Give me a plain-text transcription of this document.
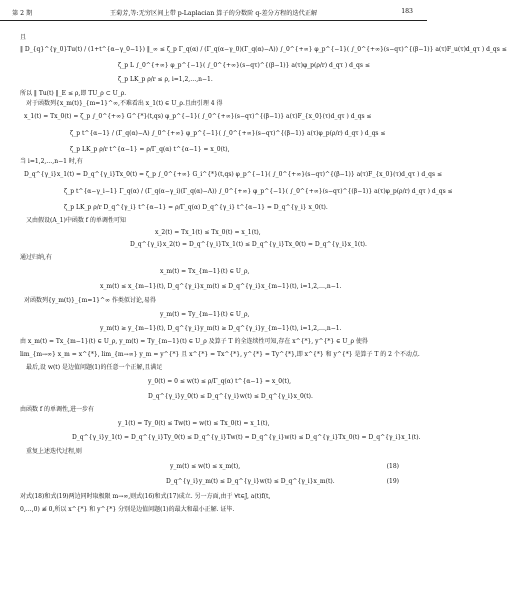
第 2 期	王菊芳,等:无穷区间上带 p-Laplacian 算子的分数阶 q-差分方程的迭代正解	183
且
‖ D_{q}^{γ_0}Tu(t) / (1+t^{α−γ_0−1}) ‖_∞ ≤ ζ_p Γ_q(α) / (Γ_q(α−γ_0)(Γ_q(α)−Λ)) ∫_0^{+∞} φ_p^{−1}( ∫_0^{+∞}(s−qτ)^{(β−1)} a(τ)F_u(τ)d_qτ ) d_qs ≤
ζ_p L ∫_0^{+∞} φ_p^{−1}( ∫_0^{+∞}(s−qτ)^{(β−1)} a(τ)φ_p(ρ/r) d_qτ ) d_qs ≤
ζ_p LK_p ρ/r ≤ ρ, i=1,2,…,n−1.
所以 ‖ Tu(t) ‖_E ≤ ρ,即 TU_ρ ⊂ U_ρ.
对于函数列{x_m(t)}_{m=1}^∞,不难看出 x_1(t) ∈ U_ρ.且由引理 4 得
x_1(t) = Tx_0(t) = ζ_p ∫_0^{+∞} G^{*}(t,qs) φ_p^{−1}( ∫_0^{+∞}(s−qτ)^{(β−1)} a(τ)F_{x_0}(τ)d_qτ ) d_qs ≤
ζ_p t^{α−1} / (Γ_q(α)−Λ) ∫_0^{+∞} φ_p^{−1}( ∫_0^{+∞}(s−qτ)^{(β−1)} a(τ)φ_p(ρ/r) d_qτ ) d_qs ≤
ζ_p LK_p ρ/r t^{α−1} = ρ/Γ_q(α) t^{α−1} = x_0(t),
当 i=1,2,…,n−1 时,有
D_q^{γ_i}x_1(t) = D_q^{γ_i}Tx_0(t) = ζ_p ∫_0^{+∞} G_i^{*}(t,qs) φ_p^{−1}( ∫_0^{+∞}(s−qτ)^{(β−1)} a(τ)F_{x_0}(τ)d_qτ ) d_qs ≤
ζ_p t^{α−γ_i−1} Γ_q(α) / (Γ_q(α−γ_i)(Γ_q(α)−Λ)) ∫_0^{+∞} φ_p^{−1}( ∫_0^{+∞}(s−qτ)^{(β−1)} a(τ)φ_p(ρ/r) d_qτ ) d_qs ≤
ζ_p LK_p ρ/r D_q^{γ_i} t^{α−1} = ρ/Γ_q(α) D_q^{γ_i} t^{α−1} = D_q^{γ_i} x_0(t).
又由假设(A_1)中函数 f 的单调性可知
x_2(t) = Tx_1(t) ≤ Tx_0(t) = x_1(t),
D_q^{γ_i}x_2(t) = D_q^{γ_i}Tx_1(t) ≤ D_q^{γ_i}Tx_0(t) = D_q^{γ_i}x_1(t).
通过归纳,有
x_m(t) = Tx_{m−1}(t) ∈ U_ρ,
x_m(t) ≤ x_{m−1}(t), D_q^{γ_i}x_m(t) ≤ D_q^{γ_i}x_{m−1}(t), i=1,2,…,n−1.
对函数列{y_m(t)}_{m=1}^∞ 作类似讨论,易得
y_m(t) = Ty_{m−1}(t) ∈ U_ρ,
y_m(t) ≥ y_{m−1}(t), D_q^{γ_i}y_m(t) ≥ D_q^{γ_i}y_{m−1}(t), i=1,2,…,n−1.
由 x_m(t) = Tx_{m−1}(t) ∈ U_ρ, y_m(t) = Ty_{m−1}(t) ∈ U_ρ 及算子 T 的全连续性可知,存在 x^{*}, y^{*} ∈ U_ρ 使得
lim_{m→∞} x_m = x^{*}, lim_{m→∞} y_m = y^{*} 且 x^{*} = Tx^{*}, y^{*} = Ty^{*},即 x^{*} 和 y^{*} 是算子 T 的 2 个不动点.
最后,设 w(t) 是边值问题(1)的任意一个正解,且满足
y_0(t) = 0 ≤ w(t) ≤ ρ/Γ_q(α) t^{α−1} = x_0(t),
D_q^{γ_i}y_0(t) ≤ D_q^{γ_i}w(t) ≤ D_q^{γ_i}x_0(t).
由函数 f 的单调性,进一步有
y_1(t) = Ty_0(t) ≤ Tw(t) = w(t) ≤ Tx_0(t) = x_1(t),
D_q^{γ_i}y_1(t) = D_q^{γ_i}Ty_0(t) ≤ D_q^{γ_i}Tw(t) = D_q^{γ_i}w(t) ≤ D_q^{γ_i}Tx_0(t) = D_q^{γ_i}x_1(t).
重复上述迭代过程,则
y_m(t) ≤ w(t) ≤ x_m(t),
D_q^{γ_i}y_m(t) ≤ D_q^{γ_i}w(t) ≤ D_q^{γ_i}x_m(t).
对式(18)和式(19)两边同时取极限 m→∞,则式(16)和式(17)成立. 另一方面,由于 ∀t∈J, a(t)f(t,
0,…,0) ≢ 0,所以 x^{*} 和 y^{*} 分别是边值问题(1)的最大和最小正解. 证毕.
(18)
(19)
